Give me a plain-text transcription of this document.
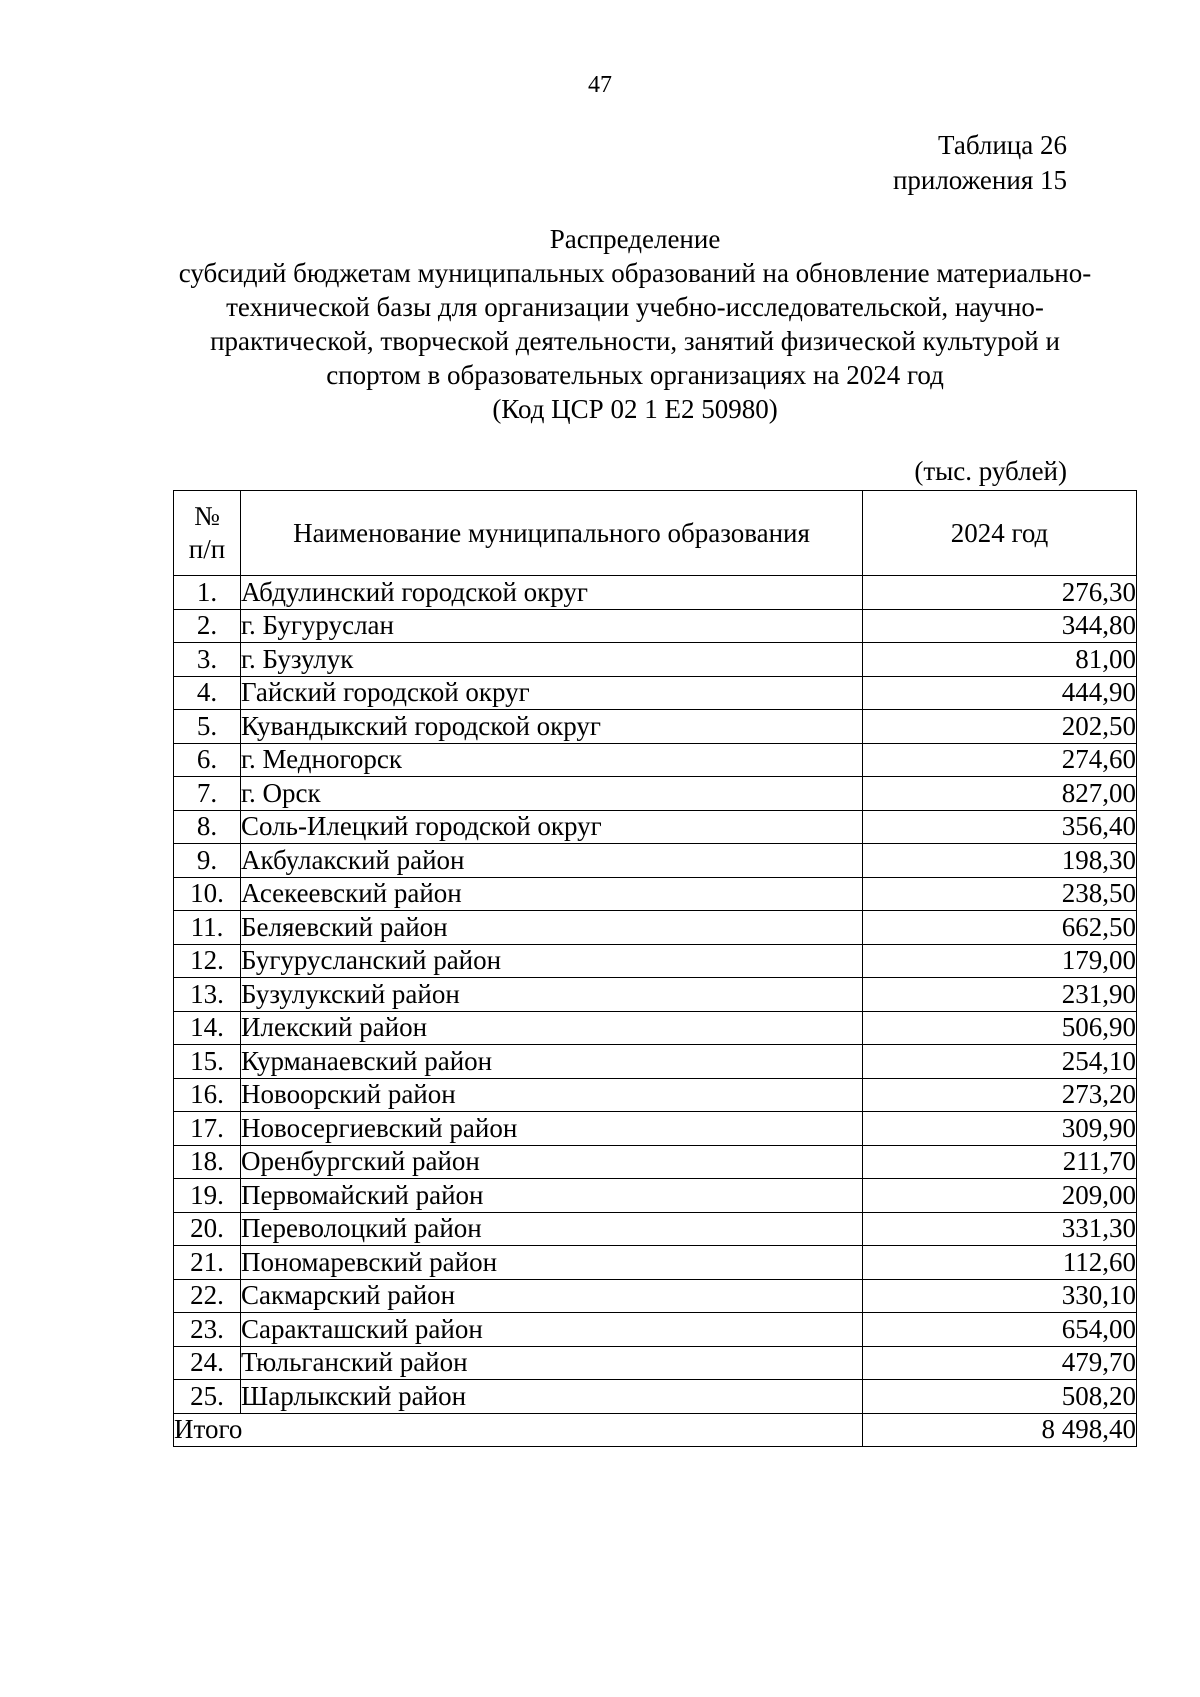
47
Таблица 26
приложения 15
Распределение
субсидий бюджетам муниципальных образований на обновление материально-
технической базы для организации учебно-исследовательской, научно-
практической, творческой деятельности, занятий физической культурой и
спортом в образовательных организациях на 2024 год
(Код ЦСР 02 1 Е2 50980)
(тыс. рублей)
№
п/п	Наименование муниципального образования	2024 год
1.	Абдулинский городской округ	276,30
2.	г. Бугуруслан	344,80
3.	г. Бузулук	81,00
4.	Гайский городской округ	444,90
5.	Кувандыкский городской округ	202,50
6.	г. Медногорск	274,60
7.	г. Орск	827,00
8.	Соль-Илецкий городской округ	356,40
9.	Акбулакский район	198,30
10.	Асекеевский район	238,50
11.	Беляевский район	662,50
12.	Бугурусланский район	179,00
13.	Бузулукский район	231,90
14.	Илекский район	506,90
15.	Курманаевский район	254,10
16.	Новоорский район	273,20
17.	Новосергиевский район	309,90
18.	Оренбургский район	211,70
19.	Первомайский район	209,00
20.	Переволоцкий район	331,30
21.	Пономаревский район	112,60
22.	Сакмарский район	330,10
23.	Саракташский район	654,00
24.	Тюльганский район	479,70
25.	Шарлыкский район	508,20
Итого		8 498,40
